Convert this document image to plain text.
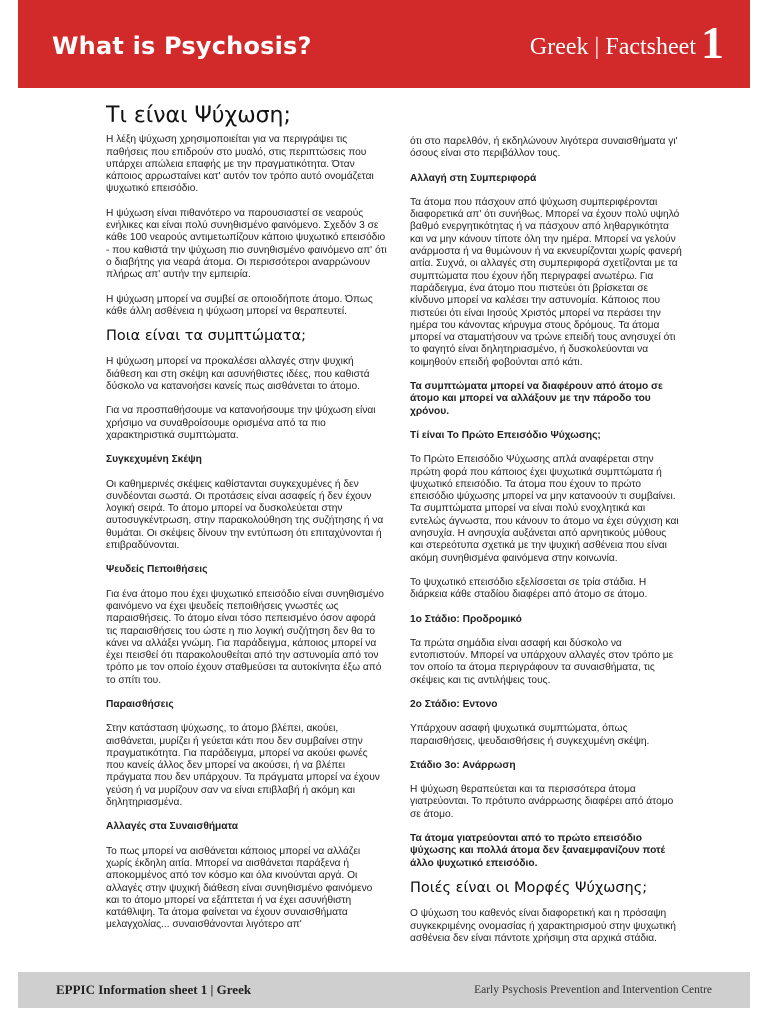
What is Psychosis?	Greek | Factsheet 1
Τι είναι Ψύχωση;

Η λέξη ψύχωση χρησιμοποιείται για να περιγράψει τις παθήσεις που επιδρούν στο μυαλό, στις περιπτώσεις που υπάρχει απώλεια επαφής με την πραγματικότητα. Όταν κάποιος αρρωσταίνει κατ' αυτόν τον τρόπο αυτό ονομάζεται ψυχωτικό επεισόδιο.

Η ψύχωση είναι πιθανότερο να παρουσιαστεί σε νεαρούς ενήλικες και είναι πολύ συνηθισμένο φαινόμενο. Σχεδόν 3 σε κάθε 100 νεαρούς αντιμετωπίζουν κάποιο ψυχωτικό επεισόδιο - που καθιστά την ψύχωση πιο συνηθισμένο φαινόμενο απ' ότι ο διαβήτης για νεαρά άτομα. Οι περισσότεροι αναρρώνουν πλήρως απ' αυτήν την εμπειρία.

Η ψύχωση μπορεί να συμβεί σε οποιοδήποτε άτομο. Όπως κάθε άλλη ασθένεια η ψύχωση μπορεί να θεραπευτεί.

Ποια είναι τα συμπτώματα;

Η ψύχωση μπορεί να προκαλέσει αλλαγές στην ψυχική διάθεση και στη σκέψη και ασυνήθιστες ιδέες, που καθιστά δύσκολο να κατανοήσει κανείς πως αισθάνεται το άτομο.

Για να προσπαθήσουμε να κατανοήσουμε την ψύχωση είναι χρήσιμο να συναθροίσουμε ορισμένα από τα πιο χαρακτηριστικά συμπτώματα.

Συγκεχυμένη Σκέψη

Οι καθημερινές σκέψεις καθίστανται συγκεχυμένες ή δεν συνδέονται σωστά. Οι προτάσεις είναι ασαφείς ή δεν έχουν λογική σειρά. Το άτομο μπορεί να δυσκολεύεται στην αυτοσυγκέντρωση, στην παρακολούθηση της συζήτησης ή να θυμάται. Οι σκέψεις δίνουν την εντύπωση ότι επιταχύνονται ή επιβραδύνονται.

Ψευδείς Πεποιθήσεις

Για ένα άτομο που έχει ψυχωτικό επεισόδιο είναι συνηθισμένο φαινόμενο να έχει ψευδείς πεποιθήσεις γνωστές ως παραισθήσεις. Το άτομο είναι τόσο πεπεισμένο όσον αφορά τις παραισθήσεις του ώστε η πιο λογική συζήτηση δεν θα το κάνει να αλλάξει γνώμη. Για παράδειγμα, κάποιος μπορεί να έχει πεισθεί ότι παρακολουθείται από την αστυνομία από τον τρόπο με τον οποίο έχουν σταθμεύσει τα αυτοκίνητα έξω από το σπίτι του.

Παραισθήσεις

Στην κατάσταση ψύχωσης, το άτομο βλέπει, ακούει, αισθάνεται, μυρίζει ή γεύεται κάτι που δεν συμβαίνει στην πραγματικότητα. Για παράδειγμα, μπορεί να ακούει φωνές που κανείς άλλος δεν μπορεί να ακούσει, ή να βλέπει πράγματα που δεν υπάρχουν. Τα πράγματα μπορεί να έχουν γεύση ή να μυρίζουν σαν να είναι επιβλαβή ή ακόμη και δηλητηριασμένα.

Αλλαγές στα Συναισθήματα

Το πως μπορεί να αισθάνεται κάποιος μπορεί να αλλάζει χωρίς έκδηλη αιτία. Μπορεί να αισθάνεται παράξενα ή αποκομμένος από τον κόσμο και όλα κινούνται αργά. Οι αλλαγές στην ψυχική διάθεση είναι συνηθισμένο φαινόμενο και το άτομο μπορεί να εξάπτεται ή να έχει ασυνήθιστη κατάθλιψη. Τα άτομα φαίνεται να έχουν συναισθήματα μελαγχολίας... συναισθάνονται λιγότερο απ'

ότι στο παρελθόν, ή εκδηλώνουν λιγότερα συναισθήματα γι' όσους είναι στο περιβάλλον τους.

Αλλαγή στη Συμπεριφορά

Τα άτομα που πάσχουν από ψύχωση συμπεριφέρονται διαφορετικά απ' ότι συνήθως. Μπορεί να έχουν πολύ υψηλό βαθμό ενεργητικότητας ή να πάσχουν από ληθαργικότητα και να μην κάνουν τίποτε όλη την ημέρα. Μπορεί να γελούν ανάρμοστα ή να θυμώνουν ή να εκνευρίζονται χωρίς φανερή αιτία. Συχνά, οι αλλαγές στη συμπεριφορά σχετίζονται με τα συμπτώματα που έχουν ήδη περιγραφεί ανωτέρω. Για παράδειγμα, ένα άτομο που πιστεύει ότι βρίσκεται σε κίνδυνο μπορεί να καλέσει την αστυνομία. Κάποιος που πιστεύει ότι είναι Ιησούς Χριστός μπορεί να περάσει την ημέρα του κάνοντας κήρυγμα στους δρόμους. Τα άτομα μπορεί να σταματήσουν να τρώνε επειδή τους ανησυχεί ότι το φαγητό είναι δηλητηριασμένο, ή δυσκολεύονται να κοιμηθούν επειδή φοβούνται από κάτι.

Τα συμπτώματα μπορεί να διαφέρουν από άτομο σε άτομο και μπορεί να αλλάξουν με την πάροδο του χρόνου.
Τί είναι Το Πρώτο Επεισόδιο Ψύχωσης;

Το Πρώτο Επεισόδιο Ψύχωσης απλά αναφέρεται στην πρώτη φορά που κάποιος έχει ψυχωτικά συμπτώματα ή ψυχωτικό επεισόδιο. Τα άτομα που έχουν το πρώτο επεισόδιο ψύχωσης μπορεί να μην κατανοούν τι συμβαίνει. Τα συμπτώματα μπορεί να είναι πολύ ενοχλητικά και εντελώς άγνωστα, που κάνουν το άτομο να έχει σύγχιση και ανησυχία. Η ανησυχία αυξάνεται από αρνητικούς μύθους και στερεότυπα σχετικά με την ψυχική ασθένεια που είναι ακόμη συνηθισμένα φαινόμενα στην κοινωνία.

Το ψυχωτικό επεισόδιο εξελίσσεται σε τρία στάδια. Η διάρκεια κάθε σταδίου διαφέρει από άτομο σε άτομο.

1ο Στάδιο: Προδρομικό

Τα πρώτα σημάδια είναι ασαφή και δύσκολο να εντοπιστούν. Μπορεί να υπάρχουν αλλαγές στον τρόπο με τον οποίο τα άτομα περιγράφουν τα συναισθήματα, τις σκέψεις και τις αντιλήψεις τους.

2ο Στάδιο: Εντονο

Υπάρχουν ασαφή ψυχωτικά συμπτώματα, όπως παραισθήσεις, ψευδαισθήσεις ή συγκεχυμένη σκέψη.

Στάδιο 3ο: Ανάρρωση

Η ψύχωση θεραπεύεται και τα περισσότερα άτομα γιατρεύονται. Το πρότυπο ανάρρωσης διαφέρει από άτομο σε άτομο.

Τα άτομα γιατρεύονται από το πρώτο επεισόδιο ψύχωσης και πολλά άτομα δεν ξαναεμφανίζουν ποτέ άλλο ψυχωτικό επεισόδιο.
Ποιές είναι οι Μορφές Ψύχωσης;

Ο ψύχωση του καθενός είναι διαφορετική και η πρόσαψη συγκεκριμένης ονομασίας ή χαρακτηρισμού στην ψυχωτική ασθένεια δεν είναι πάντοτε χρήσιμη στα αρχικά στάδια.

EPPIC Information sheet 1 | Greek	Early Psychosis Prevention and Intervention Centre
